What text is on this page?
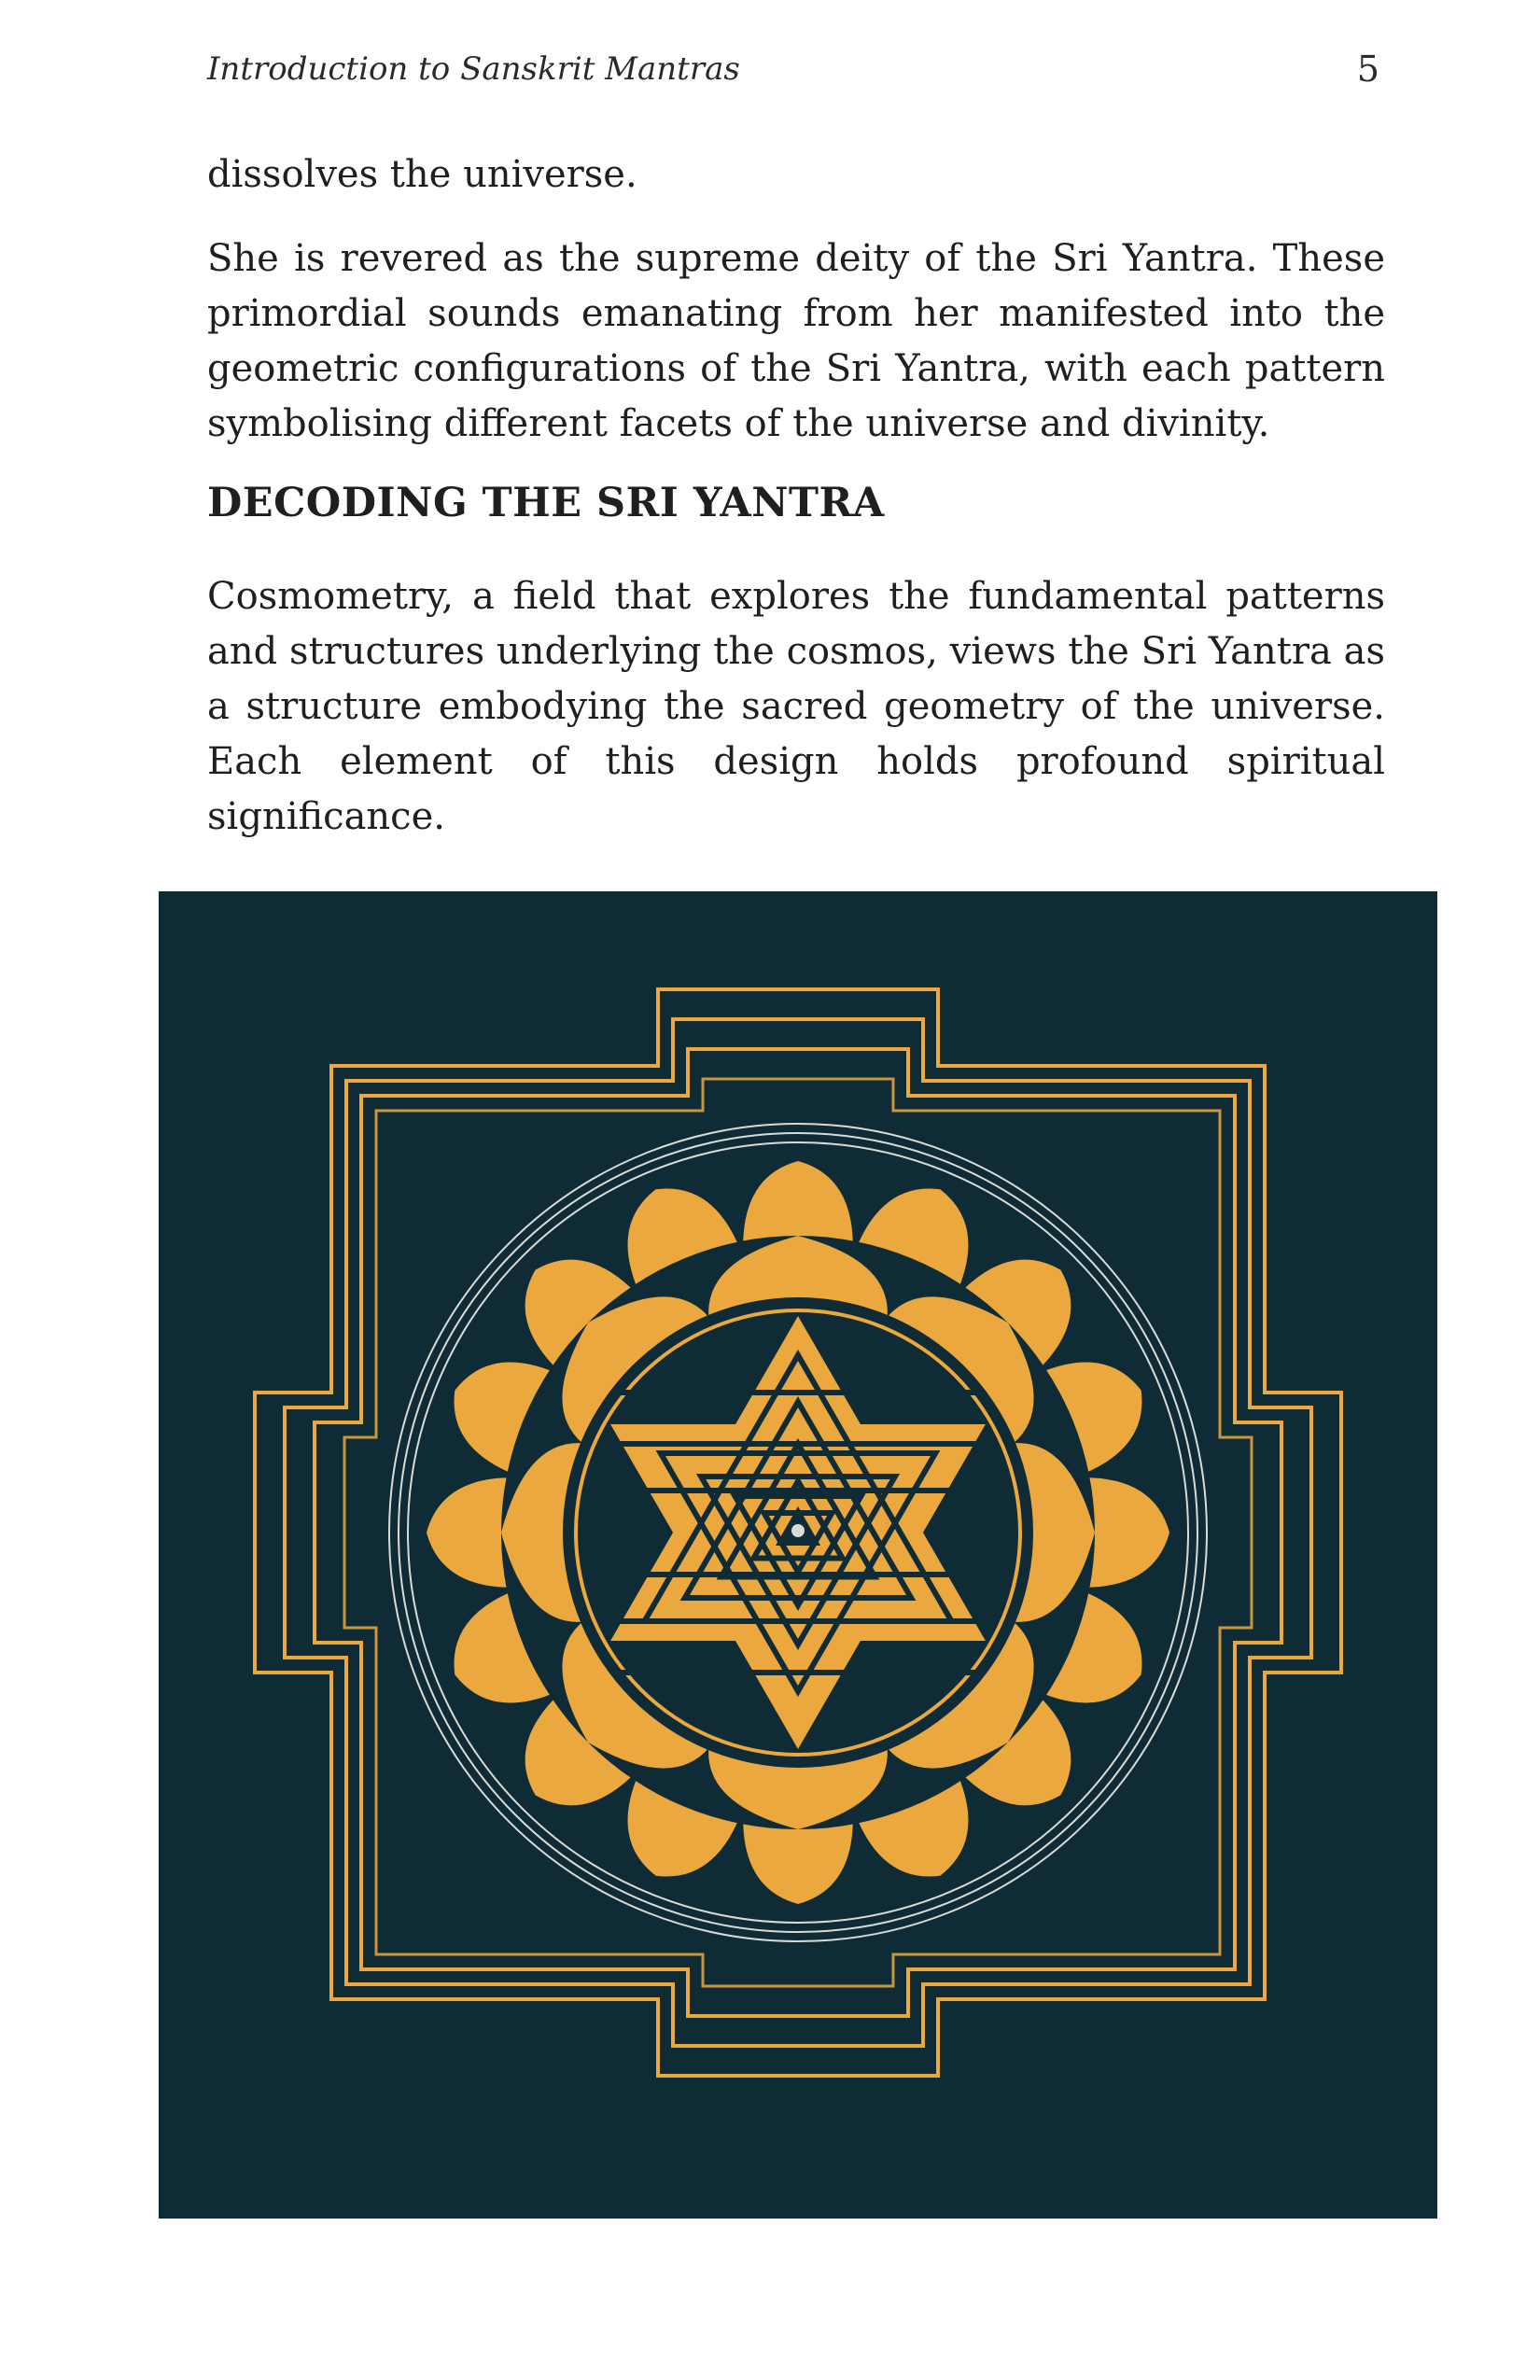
Introduction to Sanskrit Mantras	5

dissolves the universe.

She is revered as the supreme deity of the Sri Yantra. These primordial sounds emanating from her manifested into the geometric configurations of the Sri Yantra, with each pattern symbolising different facets of the universe and divinity.

DECODING THE SRI YANTRA

Cosmometry, a field that explores the fundamental patterns and structures underlying the cosmos, views the Sri Yantra as a structure embodying the sacred geometry of the universe. Each element of this design holds profound spiritual significance.
